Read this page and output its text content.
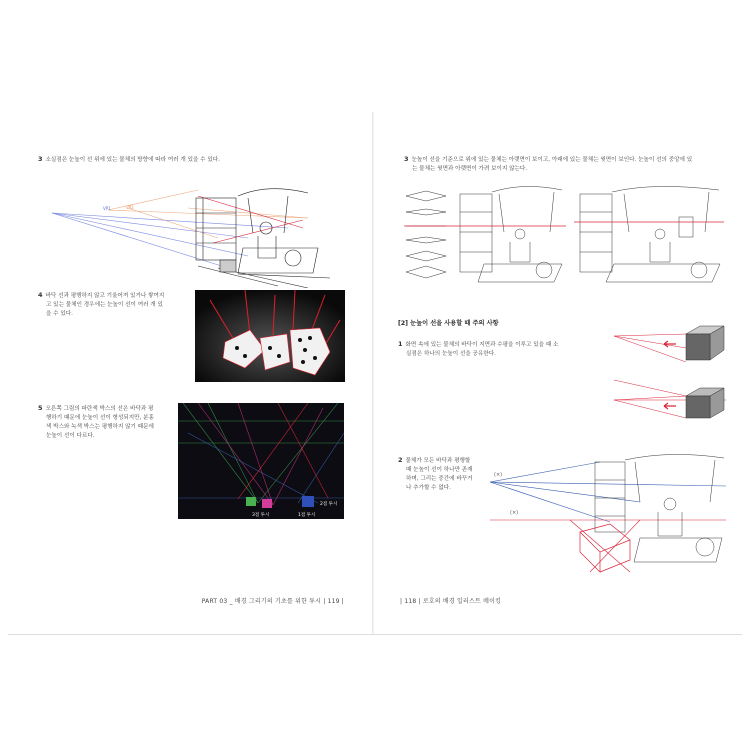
3 소실점은 눈높이 선 위에 있는 물체의 방향에 따라 여러 개 있을 수 있다.
VP1	VP2
4 바닥 선과 평행하지 않고 기울어져 있거나 쌓여지
고 있는 물체인 경우에는 눈높이 선이 여러 개 있
을 수 있다.
5 오른쪽 그림의 파란색 박스의 선은 바닥과 평
행하기 때문에 눈높이 선이 형성되지만, 분홍
색 박스와 녹색 박스는 평행하지 않기 때문에
눈높이 선이 다르다.
3점 투시	1점 투시
2점 투시
PART 03 _ 배경 그리기의 기초를 위한 투시 | 119 |
3 눈높이 선을 기준으로 위에 있는 물체는 아랫면이 보이고, 아래에 있는 물체는 윗면이 보인다. 눈높이 선의 중앙에 있
는 물체는 윗면과 아랫면이 가려 보이지 않는다.
[2] 눈높이 선을 사용할 때 주의 사항
1 화면 속에 있는 물체의 바닥이 지면과 수평을 이루고 있을 때 소
실점은 하나의 눈높이 선을 공유한다.
2 물체가 모든 바닥과 평행할
때 눈높이 선이 하나만 존재
하며, 그리는 중간에 바꾸거
나 추가할 수 없다.
(×)
(×)
| 118 | 로호의 배경 일러스트 메이킹
